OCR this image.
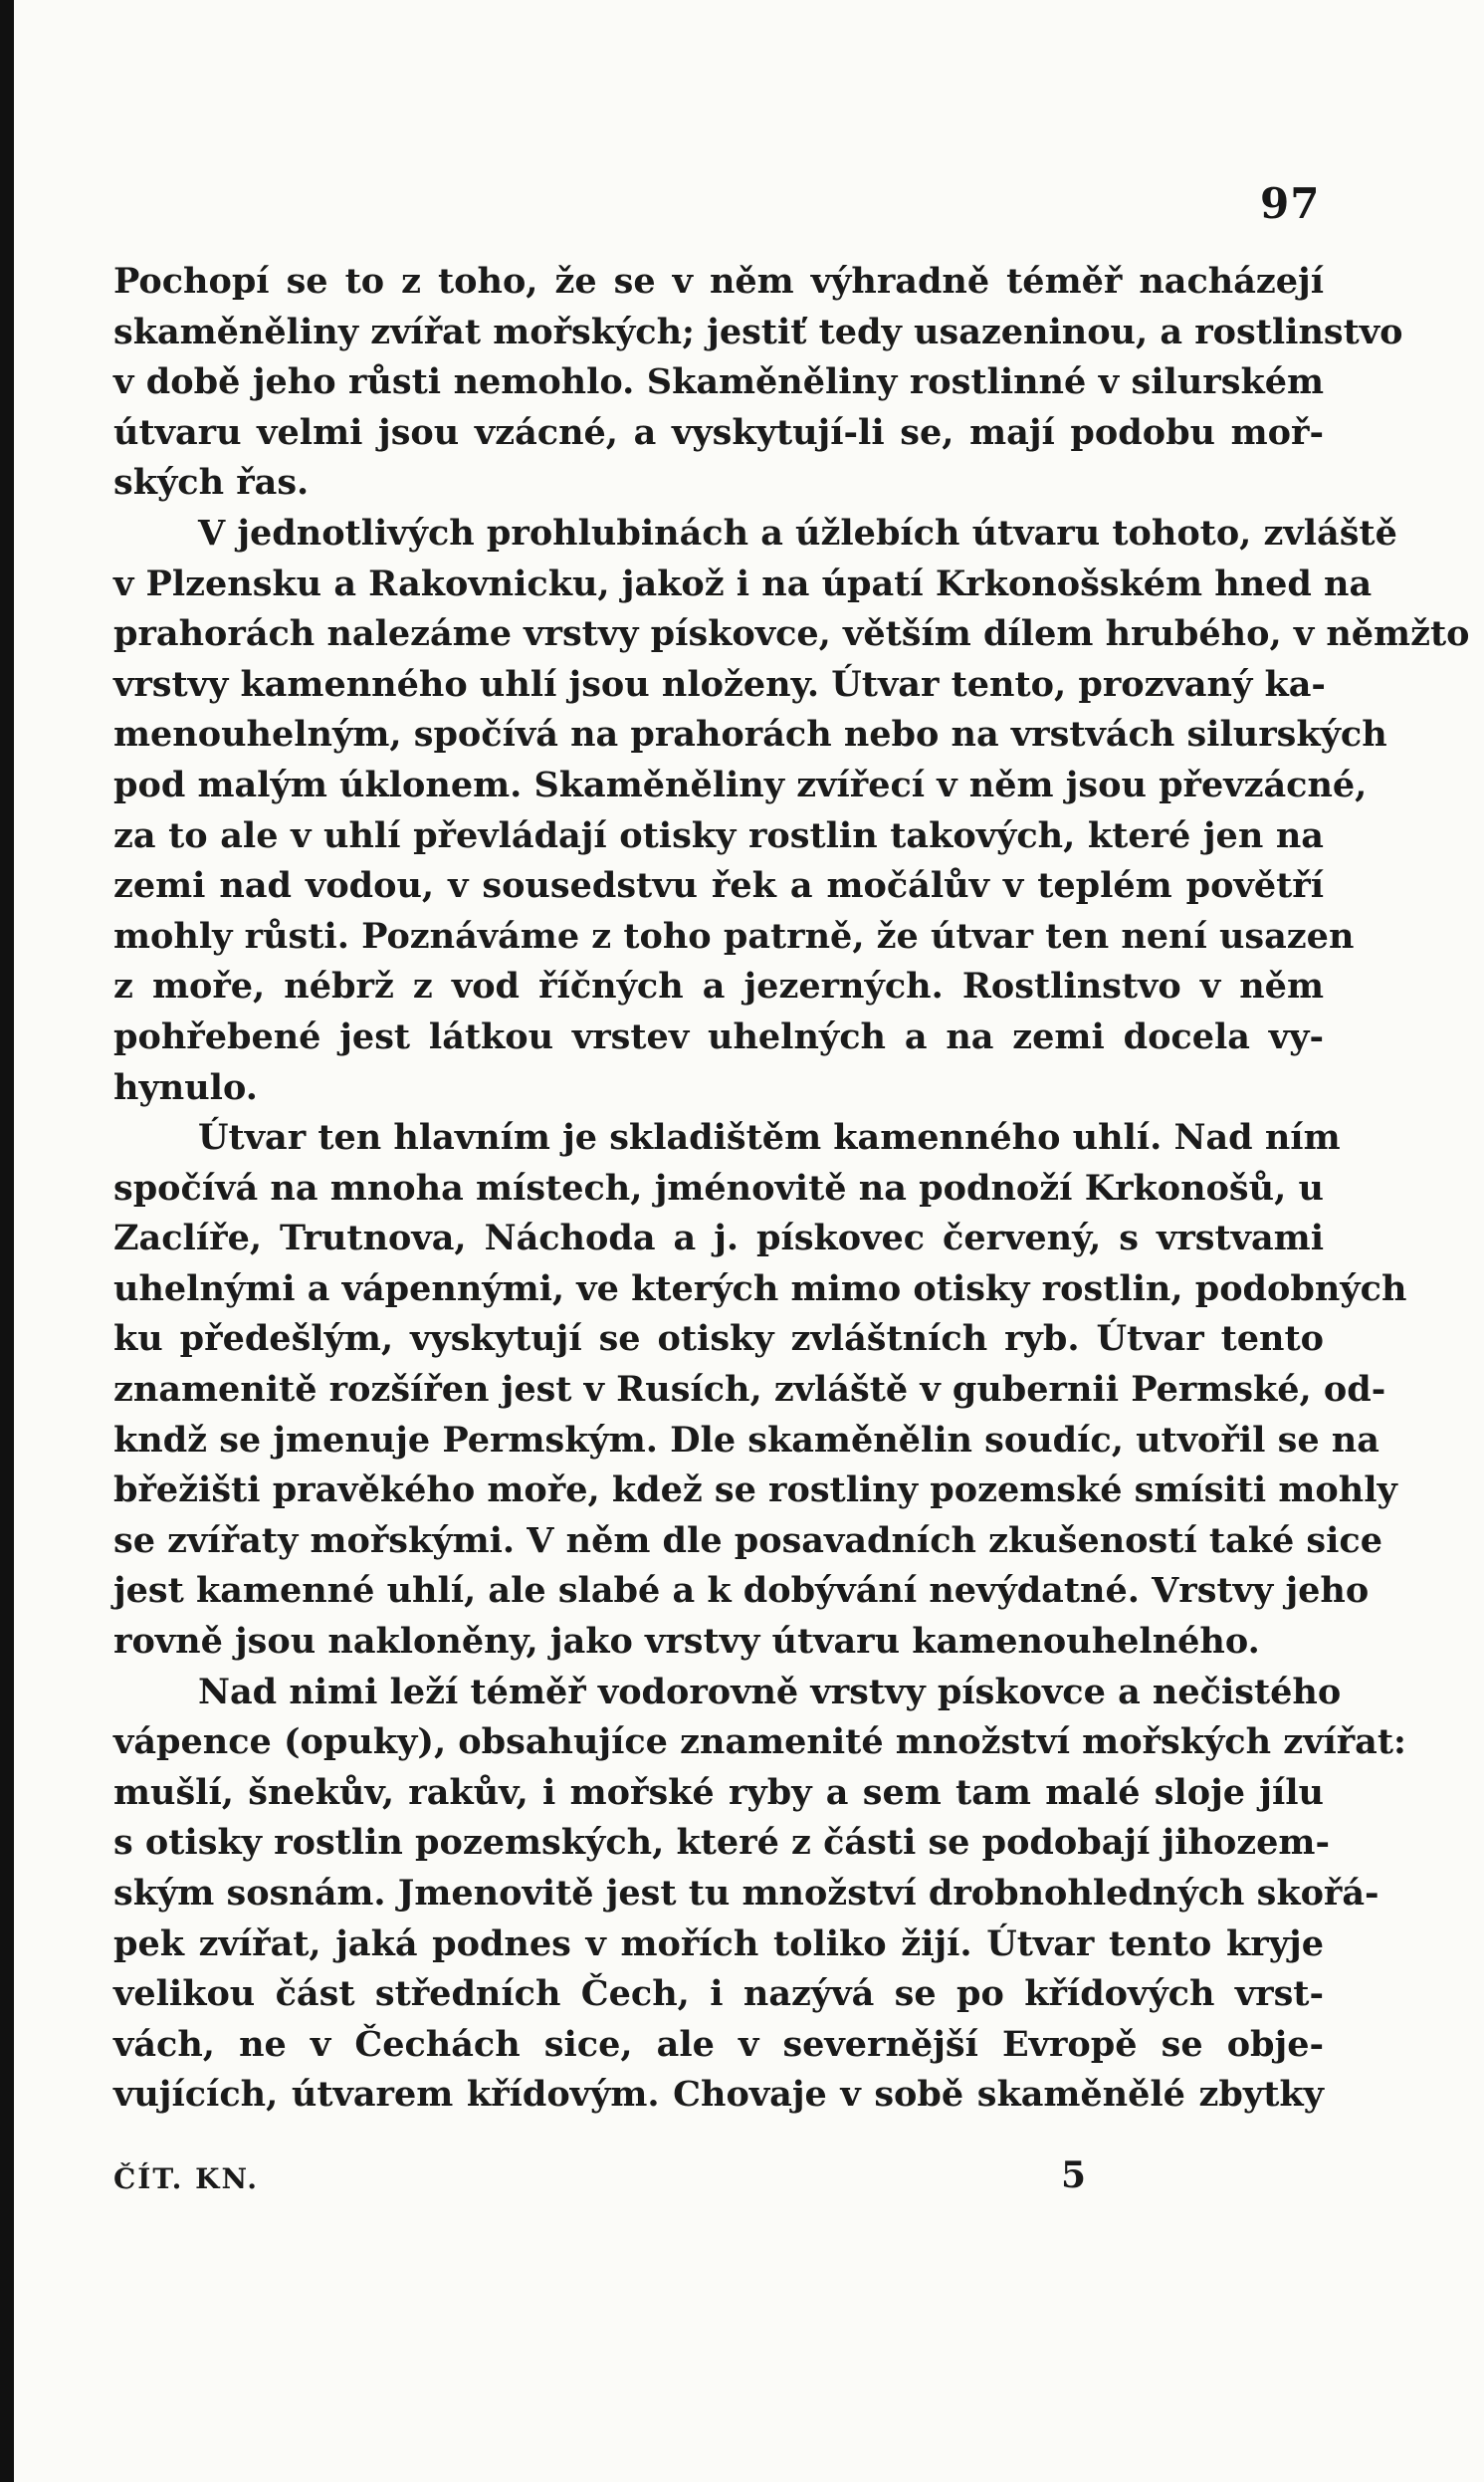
97
Pochopí se to z toho, že se v něm výhradně téměř nacházejí
skaměněliny zvířat mořských; jestiť tedy usazeninou, a rostlinstvo
v době jeho růsti nemohlo. Skaměněliny rostlinné v silurském
útvaru velmi jsou vzácné, a vyskytují-li se, mají podobu moř-
ských řas.
V jednotlivých prohlubinách a úžlebích útvaru tohoto, zvláště
v Plzensku a Rakovnicku, jakož i na úpatí Krkonošském hned na
prahorách nalezáme vrstvy pískovce, větším dílem hrubého, v němžto
vrstvy kamenného uhlí jsou nloženy. Útvar tento, prozvaný ka-
menouhelným, spočívá na prahorách nebo na vrstvách silurských
pod malým úklonem. Skaměněliny zvířecí v něm jsou převzácné,
za to ale v uhlí převládají otisky rostlin takových, které jen na
zemi nad vodou, v sousedstvu řek a močálův v teplém povětří
mohly růsti. Poznáváme z toho patrně, že útvar ten není usazen
z moře, nébrž z vod říčných a jezerných. Rostlinstvo v něm
pohřebené jest látkou vrstev uhelných a na zemi docela vy-
hynulo.
Útvar ten hlavním je skladištěm kamenného uhlí. Nad ním
spočívá na mnoha místech, jménovitě na podnoží Krkonošů, u
Zaclíře, Trutnova, Náchoda a j. pískovec červený, s vrstvami
uhelnými a vápennými, ve kterých mimo otisky rostlin, podobných
ku předešlým, vyskytují se otisky zvláštních ryb. Útvar tento
znamenitě rozšířen jest v Rusích, zvláště v gubernii Permské, od-
kndž se jmenuje Permským. Dle skaměnělin soudíc, utvořil se na
břežišti pravěkého moře, kdež se rostliny pozemské smísiti mohly
se zvířaty mořskými. V něm dle posavadních zkušeností také sice
jest kamenné uhlí, ale slabé a k dobývání nevýdatné. Vrstvy jeho
rovně jsou nakloněny, jako vrstvy útvaru kamenouhelného.
Nad nimi leží téměř vodorovně vrstvy pískovce a nečistého
vápence (opuky), obsahujíce znamenité množství mořských zvířat:
mušlí, šnekův, rakův, i mořské ryby a sem tam malé sloje jílu
s otisky rostlin pozemských, které z části se podobají jihozem-
ským sosnám. Jmenovitě jest tu množství drobnohledných skořá-
pek zvířat, jaká podnes v mořích toliko žijí. Útvar tento kryje
velikou část středních Čech, i nazývá se po křídových vrst-
vách, ne v Čechách sice, ale v severnější Evropě se obje-
vujících, útvarem křídovým. Chovaje v sobě skaměnělé zbytky
ČÍT. KN.	5
